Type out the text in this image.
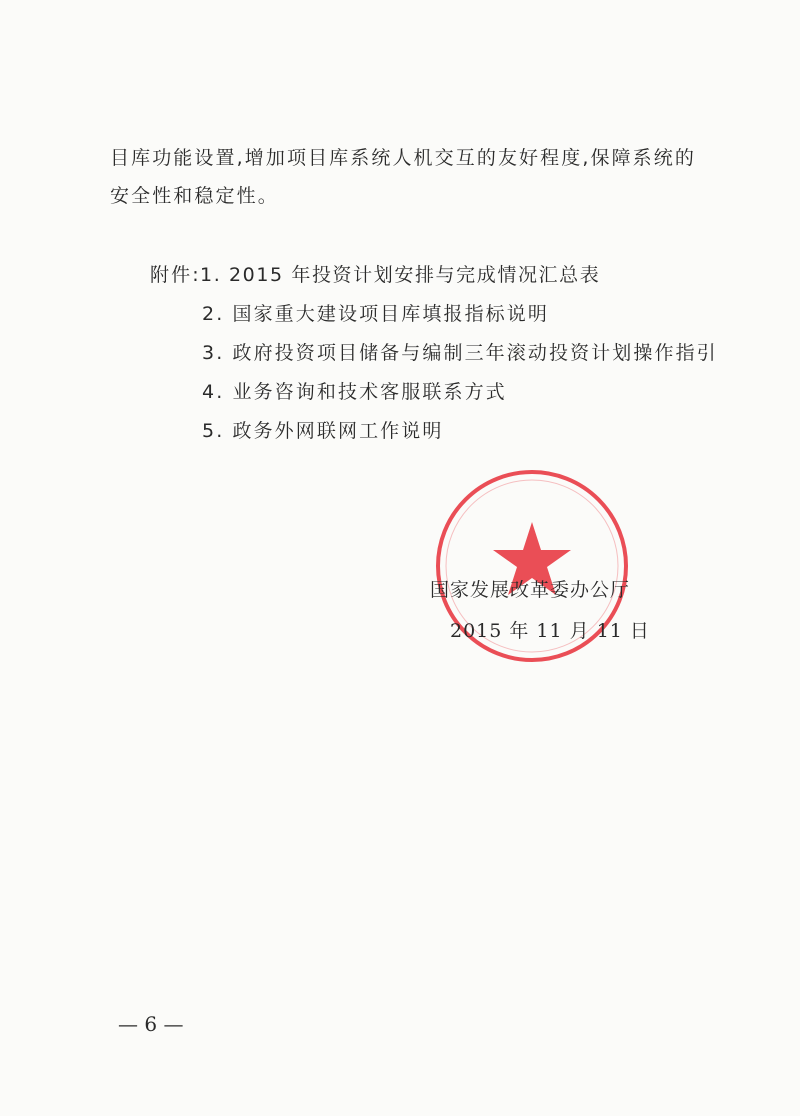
目库功能设置,增加项目库系统人机交互的友好程度,保障系统的
安全性和稳定性。
附件: 1. 2015 年投资计划安排与完成情况汇总表
2. 国家重大建设项目库填报指标说明
3. 政府投资项目储备与编制三年滚动投资计划操作指引
4. 业务咨询和技术客服联系方式
5. 政务外网联网工作说明
国家发展改革委办公厅
2015 年 11 月 11 日
— 6 —
